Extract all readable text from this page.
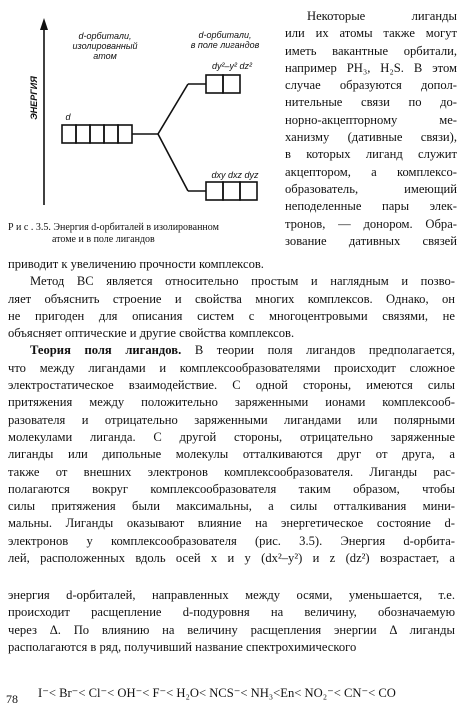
ЭНЕРГИЯ
d-орбитали,
изолированный
атом
d-орбитали,
в поле лигандов
d
dy²–y² dz²
dxy dxz dyz
Р и с . 3.5. Энергия d-орбиталей в изолированном
атоме и в поле лигандов
Некоторые лиганды
или их атомы также могут
иметь вакантные орбитали,
например PH₃, H₂S. В этом
случае образуются допол-
нительные связи по до-
норно-акцепторному ме-
ханизму (дативные связи),
в которых лиганд служит
акцептором, а комплексо-
образователь, имеющий
неподеленные пары элек-
тронов, — донором. Обра-
зование дативных связей
приводит к увеличению прочности комплексов.
Метод ВС является относительно простым и наглядным и позво-
ляет объяснить строение и свойства многих комплексов. Однако, он
не пригоден для описания систем с многоцентровыми связями, не
объясняет оптические и другие свойства комплексов.
Теория поля лигандов. В теории поля лигандов предполагается,
что между лигандами и комплексообразователями происходит сложное
электростатическое взаимодействие. С одной стороны, имеются силы
притяжения между положительно заряженными ионами комплексооб-
разователя и отрицательно заряженными лигандами или полярными
молекулами лиганда. С другой стороны, отрицательно заряженные
лиганды или дипольные молекулы отталкиваются друг от друга, а
также от внешних электронов комплексообразователя. Лиганды рас-
полагаются вокруг комплексообразователя таким образом, чтобы
силы притяжения были максимальны, а силы отталкивания мини-
мальны. Лиганды оказывают влияние на энергетическое состояние d-
электронов у комплексообразователя (рис. 3.5). Энергия d-орбита-
лей, расположенных вдоль осей x и y (dx²–y²) и z (dz²) возрастает, а
энергия d-орбиталей, направленных между осями, уменьшается, т.е.
происходит расщепление d-подуровня на величину, обозначаемую
через Δ. По влиянию на величину расщепления энергии Δ лиганды
располагаются в ряд, получивший название спектрохимического
I⁻< Br⁻< Cl⁻< OH⁻< F⁻< H₂O< NCS⁻< NH₃<En< NO₂⁻< CN⁻< CO
78
